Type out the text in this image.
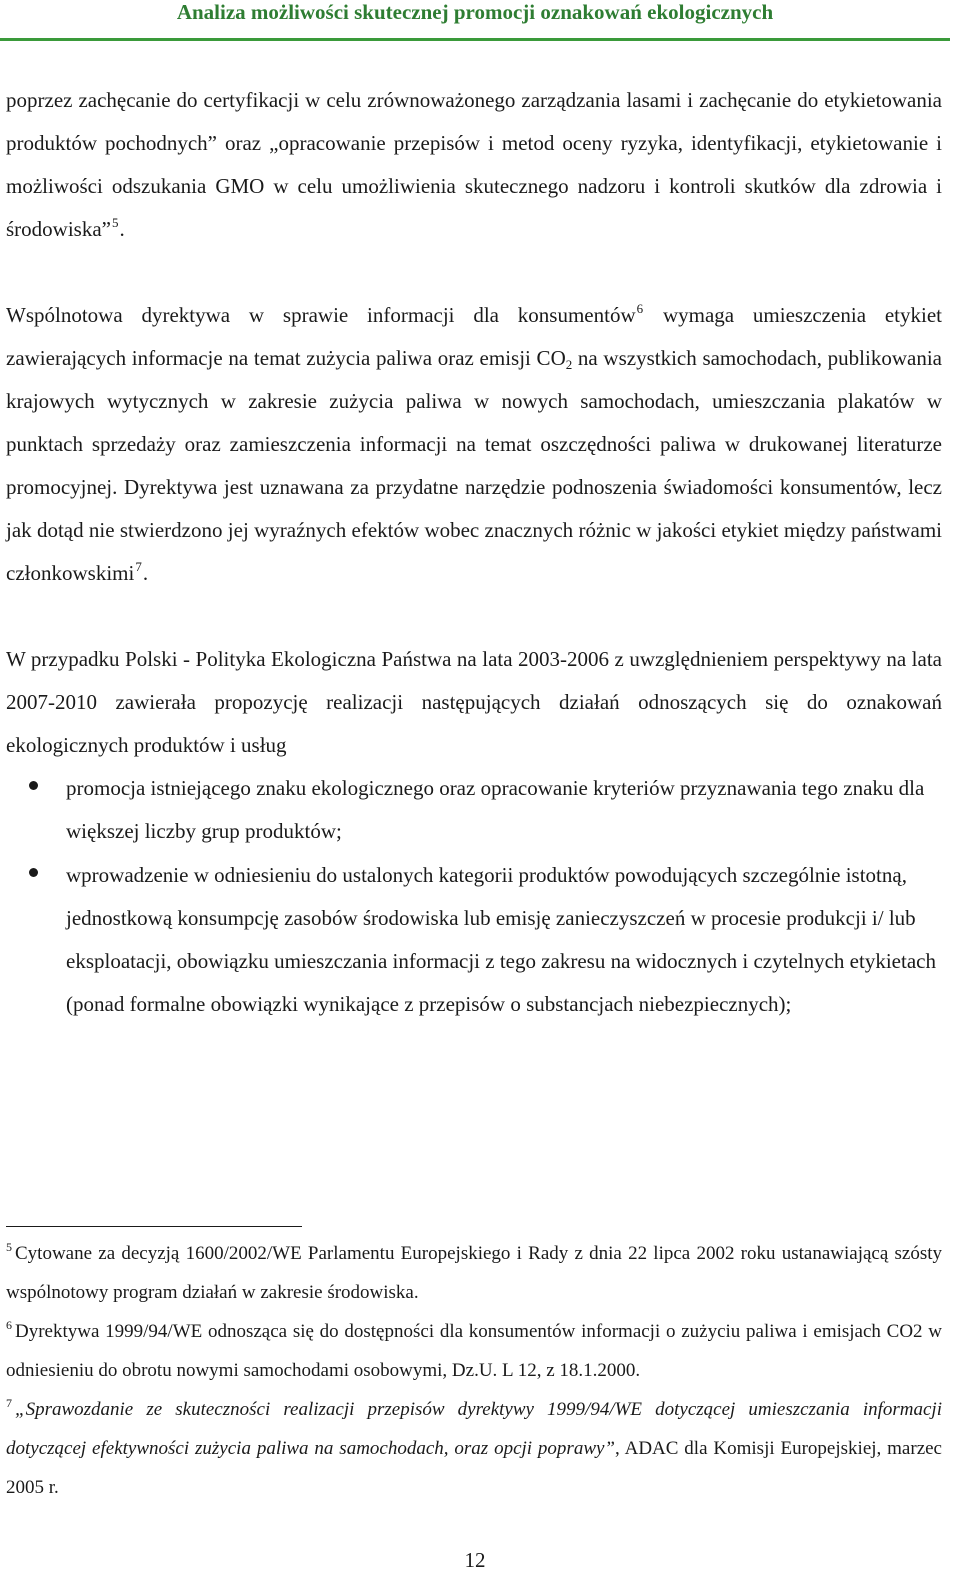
Analiza możliwości skutecznej promocji oznakowań ekologicznych

poprzez zachęcanie do certyfikacji w celu zrównoważonego zarządzania lasami i zachęcanie do etykietowania produktów pochodnych” oraz „opracowanie przepisów i metod oceny ryzyka, identyfikacji, etykietowanie i możliwości odszukania GMO w celu umożliwienia skutecznego nadzoru i kontroli skutków dla zdrowia i środowiska”$^5$.

Wspólnotowa dyrektywa w sprawie informacji dla konsumentów$^6$ wymaga umieszczenia etykiet zawierających informacje na temat zużycia paliwa oraz emisji $CO_2$ na wszystkich samochodach, publikowania krajowych wytycznych w zakresie zużycia paliwa w nowych samochodach, umieszczania plakatów w punktach sprzedaży oraz zamieszczenia informacji na temat oszczędności paliwa w drukowanej literaturze promocyjnej. Dyrektywa jest uznawana za przydatne narzędzie podnoszenia świadomości konsumentów, lecz jak dotąd nie stwierdzono jej wyraźnych efektów wobec znacznych różnic w jakości etykiet między państwami członkowskimi$^7$.

W przypadku Polski - Polityka Ekologiczna Państwa na lata 2003-2006 z uwzględnieniem perspektywy na lata 2007-2010 zawierała propozycję realizacji następujących działań odnoszących się do oznakowań ekologicznych produktów i usług

promocja istniejącego znaku ekologicznego oraz opracowanie kryteriów przyznawania tego znaku dla większej liczby grup produktów;
wprowadzenie w odniesieniu do ustalonych kategorii produktów powodujących szczególnie istotną, jednostkową konsumpcję zasobów środowiska lub emisję zanieczyszczeń w procesie produkcji i/ lub eksploatacji, obowiązku umieszczania informacji z tego zakresu na widocznych i czytelnych etykietach (ponad formalne obowiązki wynikające z przepisów o substancjach niebezpiecznych);

$^5$ Cytowane za decyzją 1600/2002/WE Parlamentu Europejskiego i Rady z dnia 22 lipca 2002 roku ustanawiającą szósty wspólnotowy program działań w zakresie środowiska.

$^6$ Dyrektywa 1999/94/WE odnosząca się do dostępności dla konsumentów informacji o zużyciu paliwa i emisjach CO2 w odniesieniu do obrotu nowymi samochodami osobowymi, Dz.U. L 12, z 18.1.2000.

$^7$ „Sprawozdanie ze skuteczności realizacji przepisów dyrektywy 1999/94/WE dotyczącej umieszczania informacji dotyczącej efektywności zużycia paliwa na samochodach, oraz opcji poprawy”, ADAC dla Komisji Europejskiej, marzec 2005 r.

12
